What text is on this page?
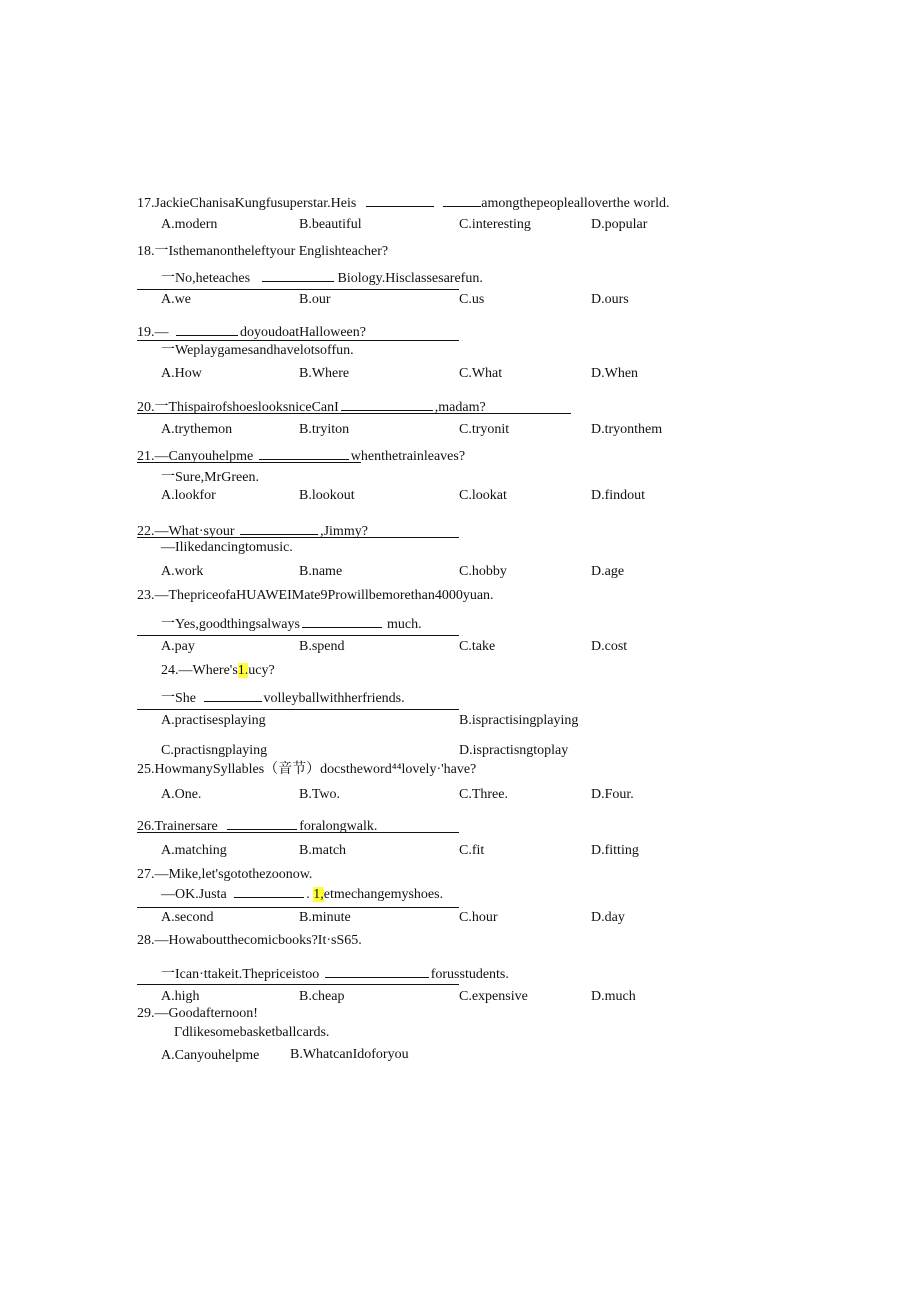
17.JackieChanisaKungfusuperstar.Heis	amongthepeoplealloverthe world.
A.modern	B.beautiful	C.interesting	D.popular
18.一Isthemanontheleftyour Englishteacher?
一No,heteaches	Biology.Hisclassesarefun.
A.we	B.our	C.us	D.ours
19.—	doyoudoatHalloween?
一Weplaygamesandhavelotsoffun.
A.How	B.Where	C.What	D.When
20.一ThispairofshoeslooksniceCanI	,madam?
A.trythemon	B.tryiton	C.tryonit	D.tryonthem
21.—Canyouhelpme	whenthetrainleaves?
一Sure,MrGreen.
A.lookfor	B.lookout	C.lookat	D.findout
22.—What·syour	,Jimmy?
—Ilikedancingtomusic.
A.work	B.name	C.hobby	D.age
23.—ThepriceofaHUAWEIMate9Prowillbemorethan4000yuan.
一Yes,goodthingsalways	much.
A.pay	B.spend	C.take	D.cost
24.—Where's1.ucy?
一She	volleyballwithherfriends.
A.practisesplaying	B.ispractisingplaying
C.practisngplaying	D.ispractisngtoplay
25.HowmanySyllables（音节）docstheword⁴⁴lovely·'have?
A.One.	B.Two.	C.Three.	D.Four.
26.Trainersare	foralongwalk.
A.matching	B.match	C.fit	D.fitting
27.—Mike,let'sgotothezoonow.
—OK.Justa	. 1,etmechangemyshoes.
A.second	B.minute	C.hour	D.day
28.—Howaboutthecomicbooks?It·sS65.
一Ican·ttakeit.Thepriceistoo	forusstudents.
A.high	B.cheap	C.expensive	D.much
29.—Goodafternoon!
Γdlikesomebasketballcards.
A.Canyouhelpme B.WhatcanIdoforyou
